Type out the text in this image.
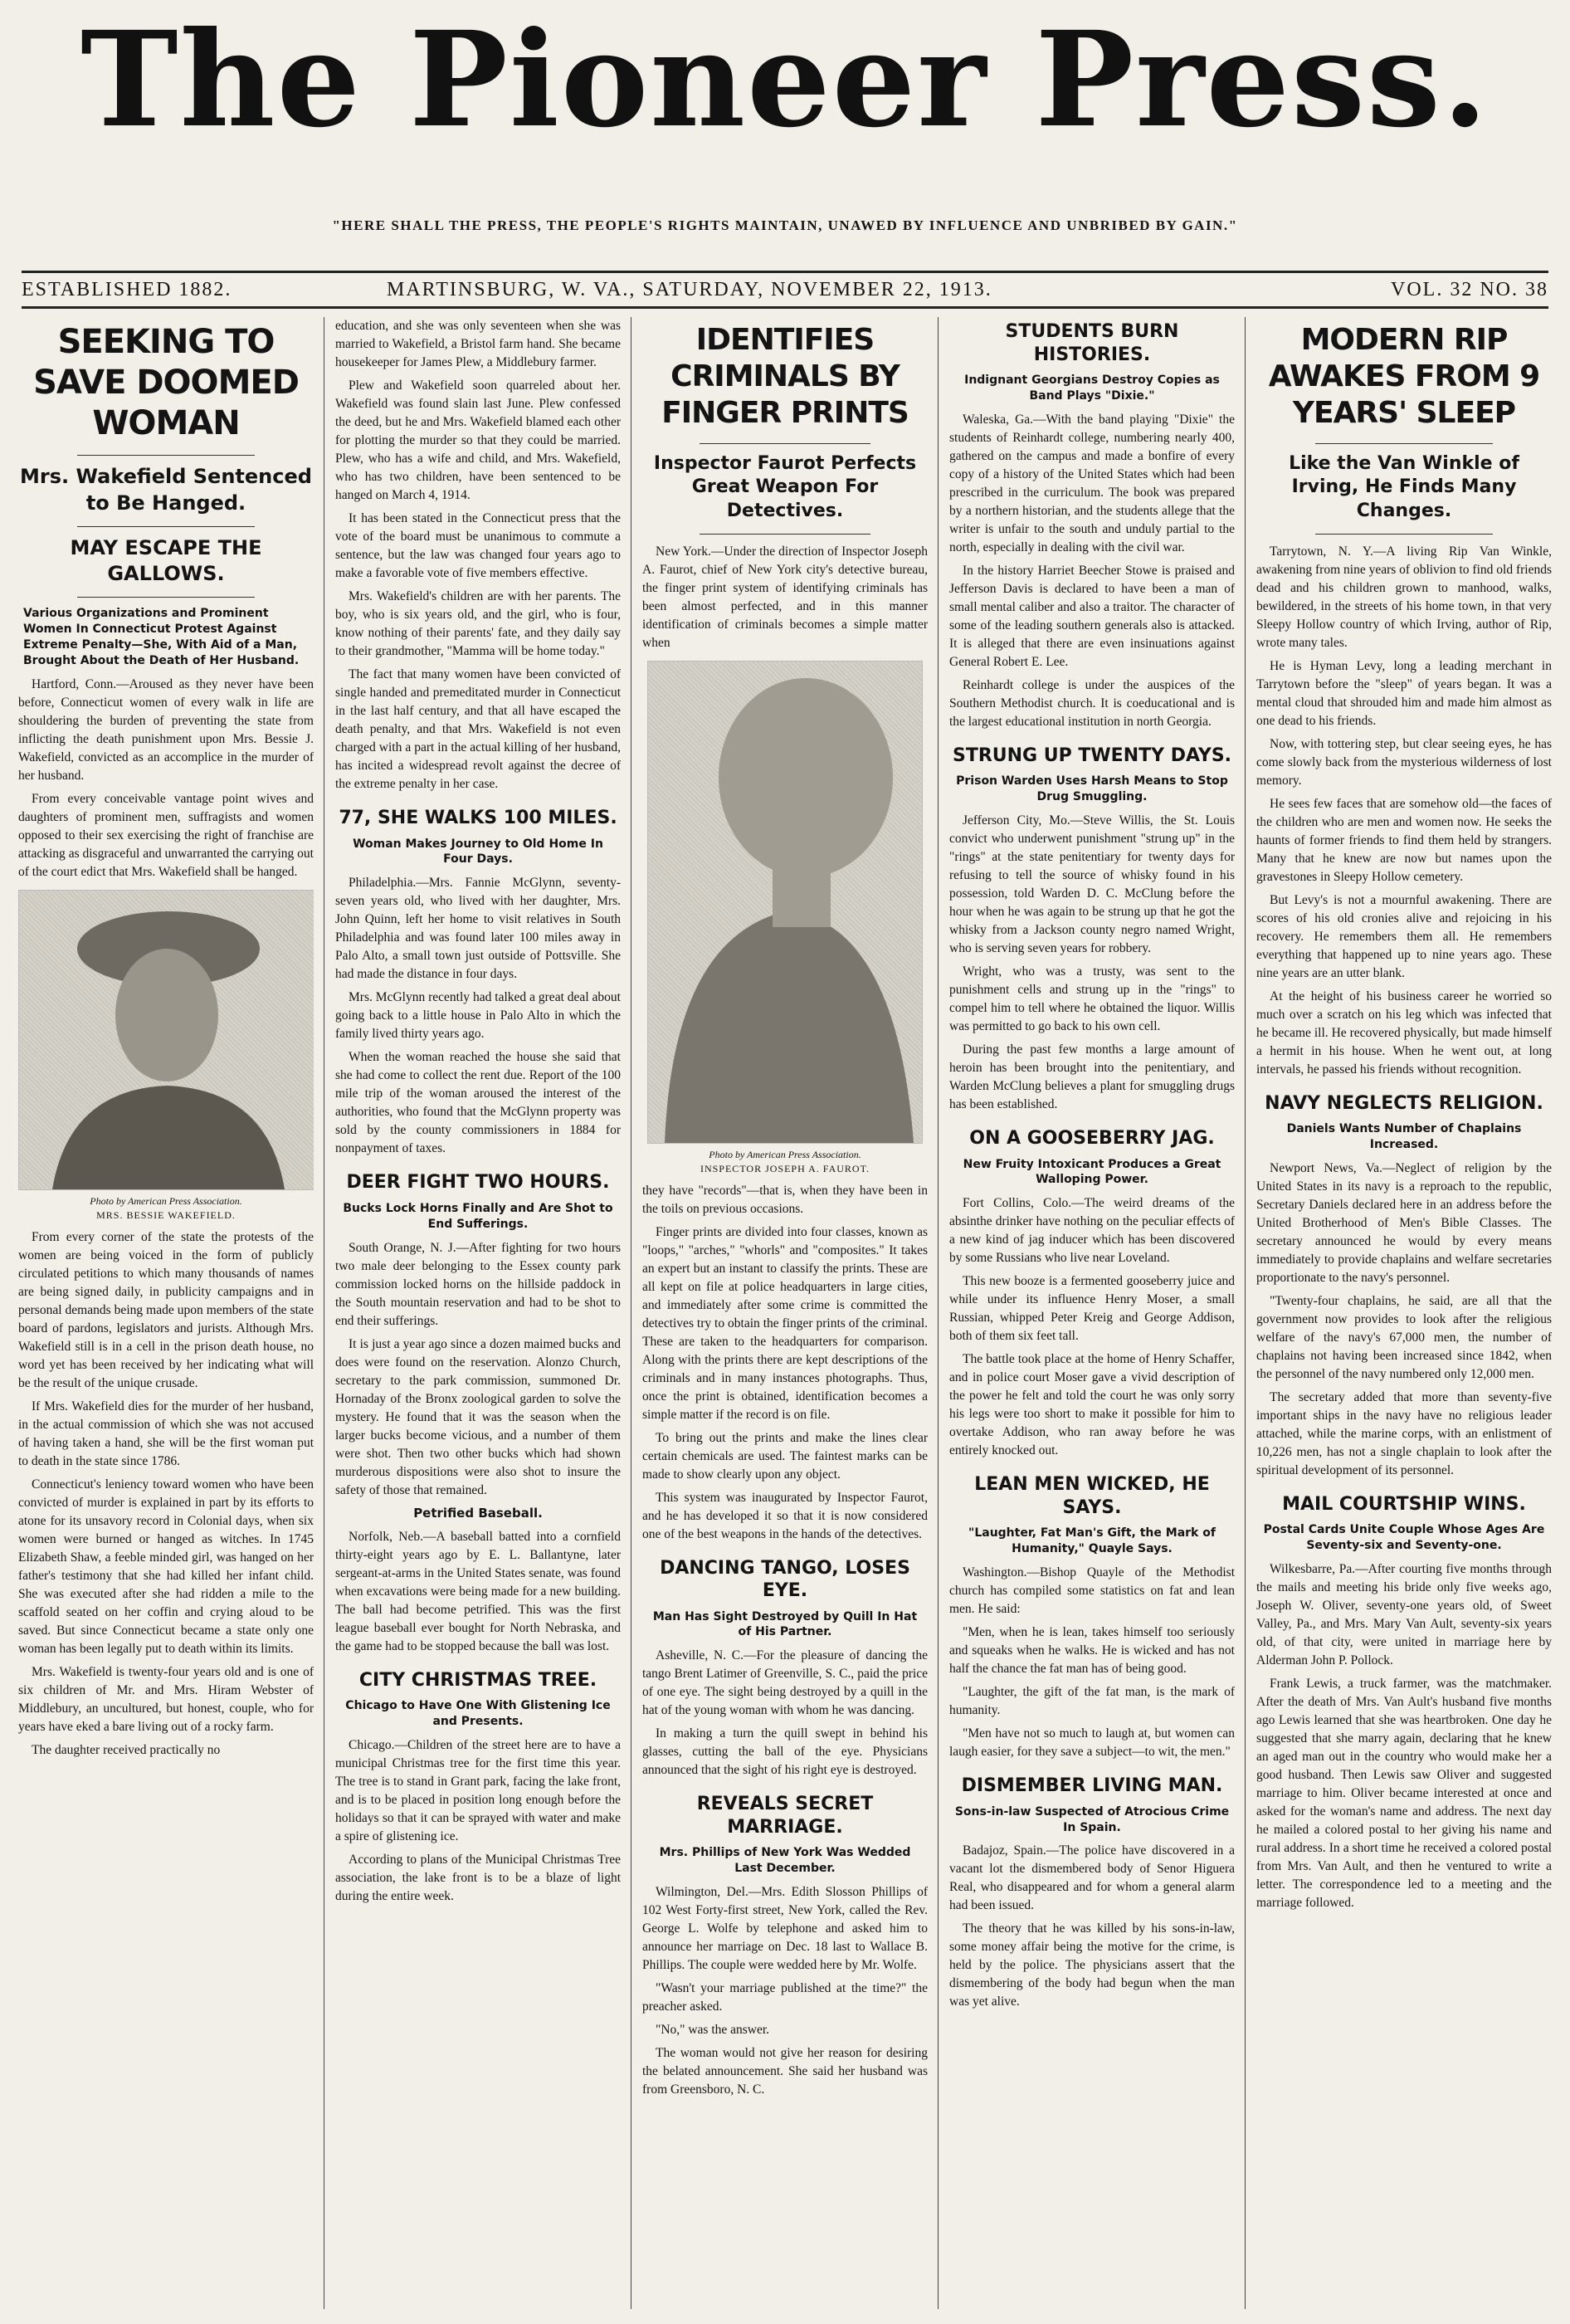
The Pioneer Press.
"HERE SHALL THE PRESS, THE PEOPLE'S RIGHTS MAINTAIN, UNAWED BY INFLUENCE AND UNBRIBED BY GAIN."
ESTABLISHED 1882.	MARTINSBURG, W. VA., SATURDAY, NOVEMBER 22, 1913.	VOL. 32 NO. 38
SEEKING TO SAVE DOOMED WOMAN
Mrs. Wakefield Sentenced to Be Hanged.
MAY ESCAPE THE GALLOWS.
Various Organizations and Prominent Women In Connecticut Protest Against Extreme Penalty—She, With Aid of a Man, Brought About the Death of Her Husband.

Hartford, Conn.—Aroused as they never have been before, Connecticut women of every walk in life are shouldering the burden of preventing the state from inflicting the death punishment upon Mrs. Bessie J. Wakefield, convicted as an accomplice in the murder of her husband.

From every conceivable vantage point wives and daughters of prominent men, suffragists and women opposed to their sex exercising the right of franchise are attacking as disgraceful and unwarranted the carrying out of the court edict that Mrs. Wakefield shall be hanged.

Photo by American Press Association.
MRS. BESSIE WAKEFIELD.

From every corner of the state the protests of the women are being voiced in the form of publicly circulated petitions to which many thousands of names are being signed daily, in publicity campaigns and in personal demands being made upon members of the state board of pardons, legislators and jurists. Although Mrs. Wakefield still is in a cell in the prison death house, no word yet has been received by her indicating what will be the result of the unique crusade.

If Mrs. Wakefield dies for the murder of her husband, in the actual commission of which she was not accused of having taken a hand, she will be the first woman put to death in the state since 1786.

Connecticut's leniency toward women who have been convicted of murder is explained in part by its efforts to atone for its unsavory record in Colonial days, when six women were burned or hanged as witches. In 1745 Elizabeth Shaw, a feeble minded girl, was hanged on her father's testimony that she had killed her infant child. She was executed after she had ridden a mile to the scaffold seated on her coffin and crying aloud to be saved. But since Connecticut became a state only one woman has been legally put to death within its limits.

Mrs. Wakefield is twenty-four years old and is one of six children of Mr. and Mrs. Hiram Webster of Middlebury, an uncultured, but honest, couple, who for years have eked a bare living out of a rocky farm.

The daughter received practically no

education, and she was only seventeen when she was married to Wakefield, a Bristol farm hand. She became housekeeper for James Plew, a Middlebury farmer.

Plew and Wakefield soon quarreled about her. Wakefield was found slain last June. Plew confessed the deed, but he and Mrs. Wakefield blamed each other for plotting the murder so that they could be married. Plew, who has a wife and child, and Mrs. Wakefield, who has two children, have been sentenced to be hanged on March 4, 1914.

It has been stated in the Connecticut press that the vote of the board must be unanimous to commute a sentence, but the law was changed four years ago to make a favorable vote of five members effective.

Mrs. Wakefield's children are with her parents. The boy, who is six years old, and the girl, who is four, know nothing of their parents' fate, and they daily say to their grandmother, "Mamma will be home today."

The fact that many women have been convicted of single handed and premeditated murder in Connecticut in the last half century, and that all have escaped the death penalty, and that Mrs. Wakefield is not even charged with a part in the actual killing of her husband, has incited a widespread revolt against the decree of the extreme penalty in her case.

77, SHE WALKS 100 MILES.
Woman Makes Journey to Old Home In Four Days.

Philadelphia.—Mrs. Fannie McGlynn, seventy-seven years old, who lived with her daughter, Mrs. John Quinn, left her home to visit relatives in South Philadelphia and was found later 100 miles away in Palo Alto, a small town just outside of Pottsville. She had made the distance in four days.

Mrs. McGlynn recently had talked a great deal about going back to a little house in Palo Alto in which the family lived thirty years ago.

When the woman reached the house she said that she had come to collect the rent due. Report of the 100 mile trip of the woman aroused the interest of the authorities, who found that the McGlynn property was sold by the county commissioners in 1884 for nonpayment of taxes.

DEER FIGHT TWO HOURS.
Bucks Lock Horns Finally and Are Shot to End Sufferings.

South Orange, N. J.—After fighting for two hours two male deer belonging to the Essex county park commission locked horns on the hillside paddock in the South mountain reservation and had to be shot to end their sufferings.

It is just a year ago since a dozen maimed bucks and does were found on the reservation. Alonzo Church, secretary to the park commission, summoned Dr. Hornaday of the Bronx zoological garden to solve the mystery. He found that it was the season when the larger bucks become vicious, and a number of them were shot. Then two other bucks which had shown murderous dispositions were also shot to insure the safety of those that remained.

Petrified Baseball.

Norfolk, Neb.—A baseball batted into a cornfield thirty-eight years ago by E. L. Ballantyne, later sergeant-at-arms in the United States senate, was found when excavations were being made for a new building. The ball had become petrified. This was the first league baseball ever bought for North Nebraska, and the game had to be stopped because the ball was lost.

CITY CHRISTMAS TREE.
Chicago to Have One With Glistening Ice and Presents.

Chicago.—Children of the street here are to have a municipal Christmas tree for the first time this year. The tree is to stand in Grant park, facing the lake front, and is to be placed in position long enough before the holidays so that it can be sprayed with water and make a spire of glistening ice.

According to plans of the Municipal Christmas Tree association, the lake front is to be a blaze of light during the entire week.

IDENTIFIES CRIMINALS BY FINGER PRINTS
Inspector Faurot Perfects Great Weapon For Detectives.

New York.—Under the direction of Inspector Joseph A. Faurot, chief of New York city's detective bureau, the finger print system of identifying criminals has been almost perfected, and in this manner identification of criminals becomes a simple matter when

Photo by American Press Association.
INSPECTOR JOSEPH A. FAUROT.

they have "records"—that is, when they have been in the toils on previous occasions.

Finger prints are divided into four classes, known as "loops," "arches," "whorls" and "composites." It takes an expert but an instant to classify the prints. These are all kept on file at police headquarters in large cities, and immediately after some crime is committed the detectives try to obtain the finger prints of the criminal. These are taken to the headquarters for comparison. Along with the prints there are kept descriptions of the criminals and in many instances photographs. Thus, once the print is obtained, identification becomes a simple matter if the record is on file.

To bring out the prints and make the lines clear certain chemicals are used. The faintest marks can be made to show clearly upon any object.

This system was inaugurated by Inspector Faurot, and he has developed it so that it is now considered one of the best weapons in the hands of the detectives.

DANCING TANGO, LOSES EYE.
Man Has Sight Destroyed by Quill In Hat of His Partner.

Asheville, N. C.—For the pleasure of dancing the tango Brent Latimer of Greenville, S. C., paid the price of one eye. The sight being destroyed by a quill in the hat of the young woman with whom he was dancing.

In making a turn the quill swept in behind his glasses, cutting the ball of the eye. Physicians announced that the sight of his right eye is destroyed.

REVEALS SECRET MARRIAGE.
Mrs. Phillips of New York Was Wedded Last December.

Wilmington, Del.—Mrs. Edith Slosson Phillips of 102 West Forty-first street, New York, called the Rev. George L. Wolfe by telephone and asked him to announce her marriage on Dec. 18 last to Wallace B. Phillips. The couple were wedded here by Mr. Wolfe.

"Wasn't your marriage published at the time?" the preacher asked.

"No," was the answer.

The woman would not give her reason for desiring the belated announcement. She said her husband was from Greensboro, N. C.

STUDENTS BURN HISTORIES.
Indignant Georgians Destroy Copies as Band Plays "Dixie."

Waleska, Ga.—With the band playing "Dixie" the students of Reinhardt college, numbering nearly 400, gathered on the campus and made a bonfire of every copy of a history of the United States which had been prescribed in the curriculum. The book was prepared by a northern historian, and the students allege that the writer is unfair to the south and unduly partial to the north, especially in dealing with the civil war.

In the history Harriet Beecher Stowe is praised and Jefferson Davis is declared to have been a man of small mental caliber and also a traitor. The character of some of the leading southern generals also is attacked. It is alleged that there are even insinuations against General Robert E. Lee.

Reinhardt college is under the auspices of the Southern Methodist church. It is coeducational and is the largest educational institution in north Georgia.

STRUNG UP TWENTY DAYS.
Prison Warden Uses Harsh Means to Stop Drug Smuggling.

Jefferson City, Mo.—Steve Willis, the St. Louis convict who underwent punishment "strung up" in the "rings" at the state penitentiary for twenty days for refusing to tell the source of whisky found in his possession, told Warden D. C. McClung before the hour when he was again to be strung up that he got the whisky from a Jackson county negro named Wright, who is serving seven years for robbery.

Wright, who was a trusty, was sent to the punishment cells and strung up in the "rings" to compel him to tell where he obtained the liquor. Willis was permitted to go back to his own cell.

During the past few months a large amount of heroin has been brought into the penitentiary, and Warden McClung believes a plant for smuggling drugs has been established.

ON A GOOSEBERRY JAG.
New Fruity Intoxicant Produces a Great Walloping Power.

Fort Collins, Colo.—The weird dreams of the absinthe drinker have nothing on the peculiar effects of a new kind of jag inducer which has been discovered by some Russians who live near Loveland.

This new booze is a fermented gooseberry juice and while under its influence Henry Moser, a small Russian, whipped Peter Kreig and George Addison, both of them six feet tall.

The battle took place at the home of Henry Schaffer, and in police court Moser gave a vivid description of the power he felt and told the court he was only sorry his legs were too short to make it possible for him to overtake Addison, who ran away before he was entirely knocked out.

LEAN MEN WICKED, HE SAYS.
"Laughter, Fat Man's Gift, the Mark of Humanity," Quayle Says.

Washington.—Bishop Quayle of the Methodist church has compiled some statistics on fat and lean men. He said:

"Men, when he is lean, takes himself too seriously and squeaks when he walks. He is wicked and has not half the chance the fat man has of being good.

"Laughter, the gift of the fat man, is the mark of humanity.

"Men have not so much to laugh at, but women can laugh easier, for they save a subject—to wit, the men."

DISMEMBER LIVING MAN.
Sons-in-law Suspected of Atrocious Crime In Spain.

Badajoz, Spain.—The police have discovered in a vacant lot the dismembered body of Senor Higuera Real, who disappeared and for whom a general alarm had been issued.

The theory that he was killed by his sons-in-law, some money affair being the motive for the crime, is held by the police. The physicians assert that the dismembering of the body had begun when the man was yet alive.

MODERN RIP AWAKES FROM 9 YEARS' SLEEP
Like the Van Winkle of Irving, He Finds Many Changes.

Tarrytown, N. Y.—A living Rip Van Winkle, awakening from nine years of oblivion to find old friends dead and his children grown to manhood, walks, bewildered, in the streets of his home town, in that very Sleepy Hollow country of which Irving, author of Rip, wrote many tales.

He is Hyman Levy, long a leading merchant in Tarrytown before the "sleep" of years began. It was a mental cloud that shrouded him and made him almost as one dead to his friends.

Now, with tottering step, but clear seeing eyes, he has come slowly back from the mysterious wilderness of lost memory.

He sees few faces that are somehow old—the faces of the children who are men and women now. He seeks the haunts of former friends to find them held by strangers. Many that he knew are now but names upon the gravestones in Sleepy Hollow cemetery.

But Levy's is not a mournful awakening. There are scores of his old cronies alive and rejoicing in his recovery. He remembers them all. He remembers everything that happened up to nine years ago. These nine years are an utter blank.

At the height of his business career he worried so much over a scratch on his leg which was infected that he became ill. He recovered physically, but made himself a hermit in his house. When he went out, at long intervals, he passed his friends without recognition.

NAVY NEGLECTS RELIGION.
Daniels Wants Number of Chaplains Increased.

Newport News, Va.—Neglect of religion by the United States in its navy is a reproach to the republic, Secretary Daniels declared here in an address before the United Brotherhood of Men's Bible Classes. The secretary announced he would by every means immediately to provide chaplains and welfare secretaries proportionate to the navy's personnel.

"Twenty-four chaplains, he said, are all that the government now provides to look after the religious welfare of the navy's 67,000 men, the number of chaplains not having been increased since 1842, when the personnel of the navy numbered only 12,000 men.

The secretary added that more than seventy-five important ships in the navy have no religious leader attached, while the marine corps, with an enlistment of 10,226 men, has not a single chaplain to look after the spiritual development of its personnel.

MAIL COURTSHIP WINS.
Postal Cards Unite Couple Whose Ages Are Seventy-six and Seventy-one.

Wilkesbarre, Pa.—After courting five months through the mails and meeting his bride only five weeks ago, Joseph W. Oliver, seventy-one years old, of Sweet Valley, Pa., and Mrs. Mary Van Ault, seventy-six years old, of that city, were united in marriage here by Alderman John P. Pollock.

Frank Lewis, a truck farmer, was the matchmaker. After the death of Mrs. Van Ault's husband five months ago Lewis learned that she was heartbroken. One day he suggested that she marry again, declaring that he knew an aged man out in the country who would make her a good husband. Then Lewis saw Oliver and suggested marriage to him. Oliver became interested at once and asked for the woman's name and address. The next day he mailed a colored postal to her giving his name and rural address. In a short time he received a colored postal from Mrs. Van Ault, and then he ventured to write a letter. The correspondence led to a meeting and the marriage followed.
